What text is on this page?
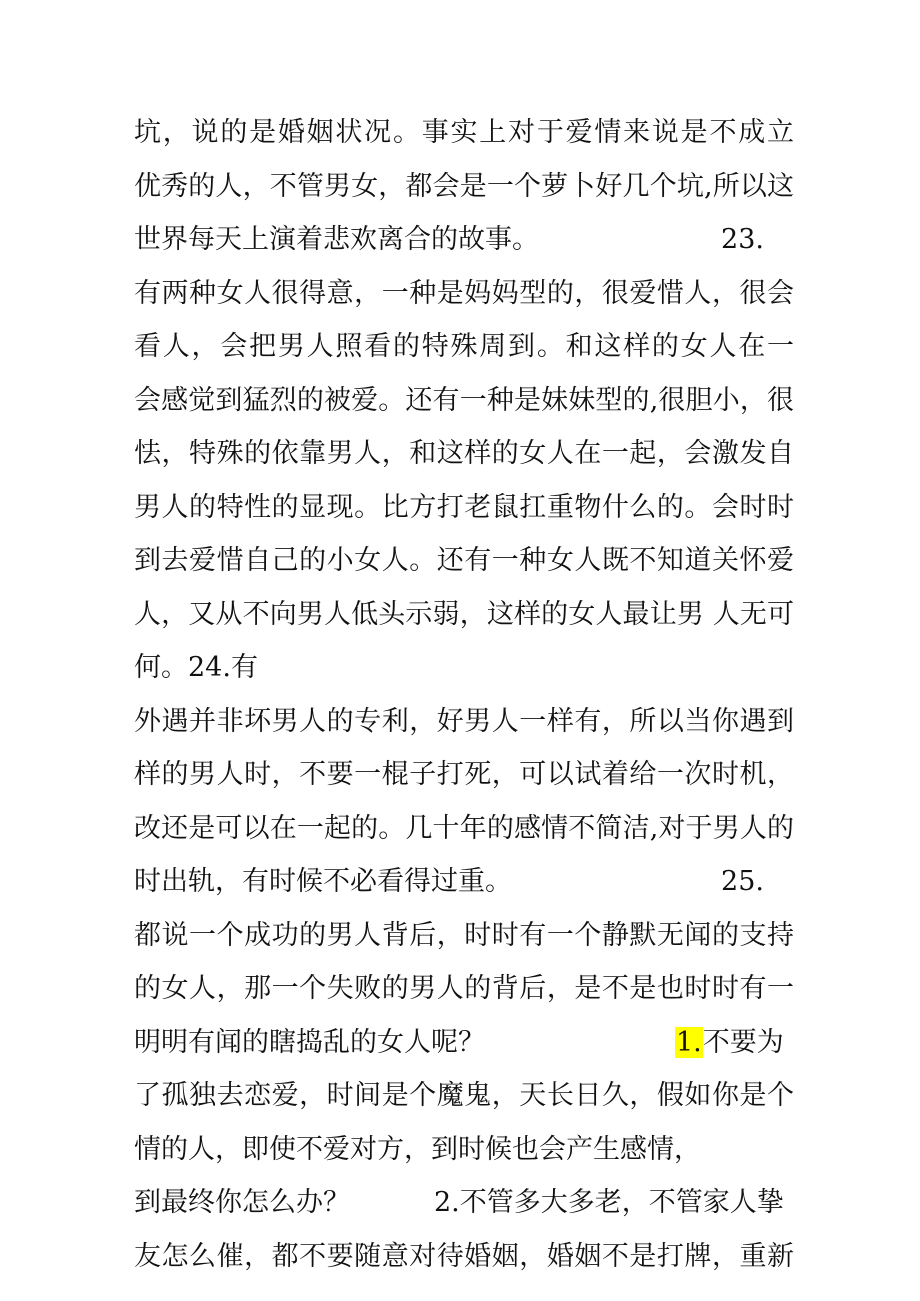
坑，说的是婚姻状况。事实上对于爱情来说是不成立
优秀的人，不管男女，都会是一个萝卜好几个坑,所以这
世界每天上演着悲欢离合的故事。	23.
有两种女人很得意，一种是妈妈型的，很爱惜人，很会
看人，会把男人照看的特殊周到。和这样的女人在一
会感觉到猛烈的被爱。还有一种是妹妹型的,很胆小，很
怯，特殊的依靠男人，和这样的女人在一起，会激发自
男人的特性的显现。比方打老鼠扛重物什么的。会时时
到去爱惜自己的小女人。还有一种女人既不知道关怀爱
人，又从不向男人低头示弱，这样的女人最让男 人无可
何。24.有
外遇并非坏男人的专利，好男人一样有，所以当你遇到
样的男人时，不要一棍子打死，可以试着给一次时机，
改还是可以在一起的。几十年的感情不简洁,对于男人的
时出轨，有时候不必看得过重。	25.
都说一个成功的男人背后，时时有一个静默无闻的支持
的女人，那一个失败的男人的背后，是不是也时时有一
明明有闻的瞎捣乱的女人呢？	1.不要为
了孤独去恋爱，时间是个魔鬼，天长日久，假如你是个
情的人，即使不爱对方，到时候也会产生感情，
到最终你怎么办？	2.不管多大多老，不管家人挚
友怎么催，都不要随意对待婚姻，婚姻不是打牌，重新
